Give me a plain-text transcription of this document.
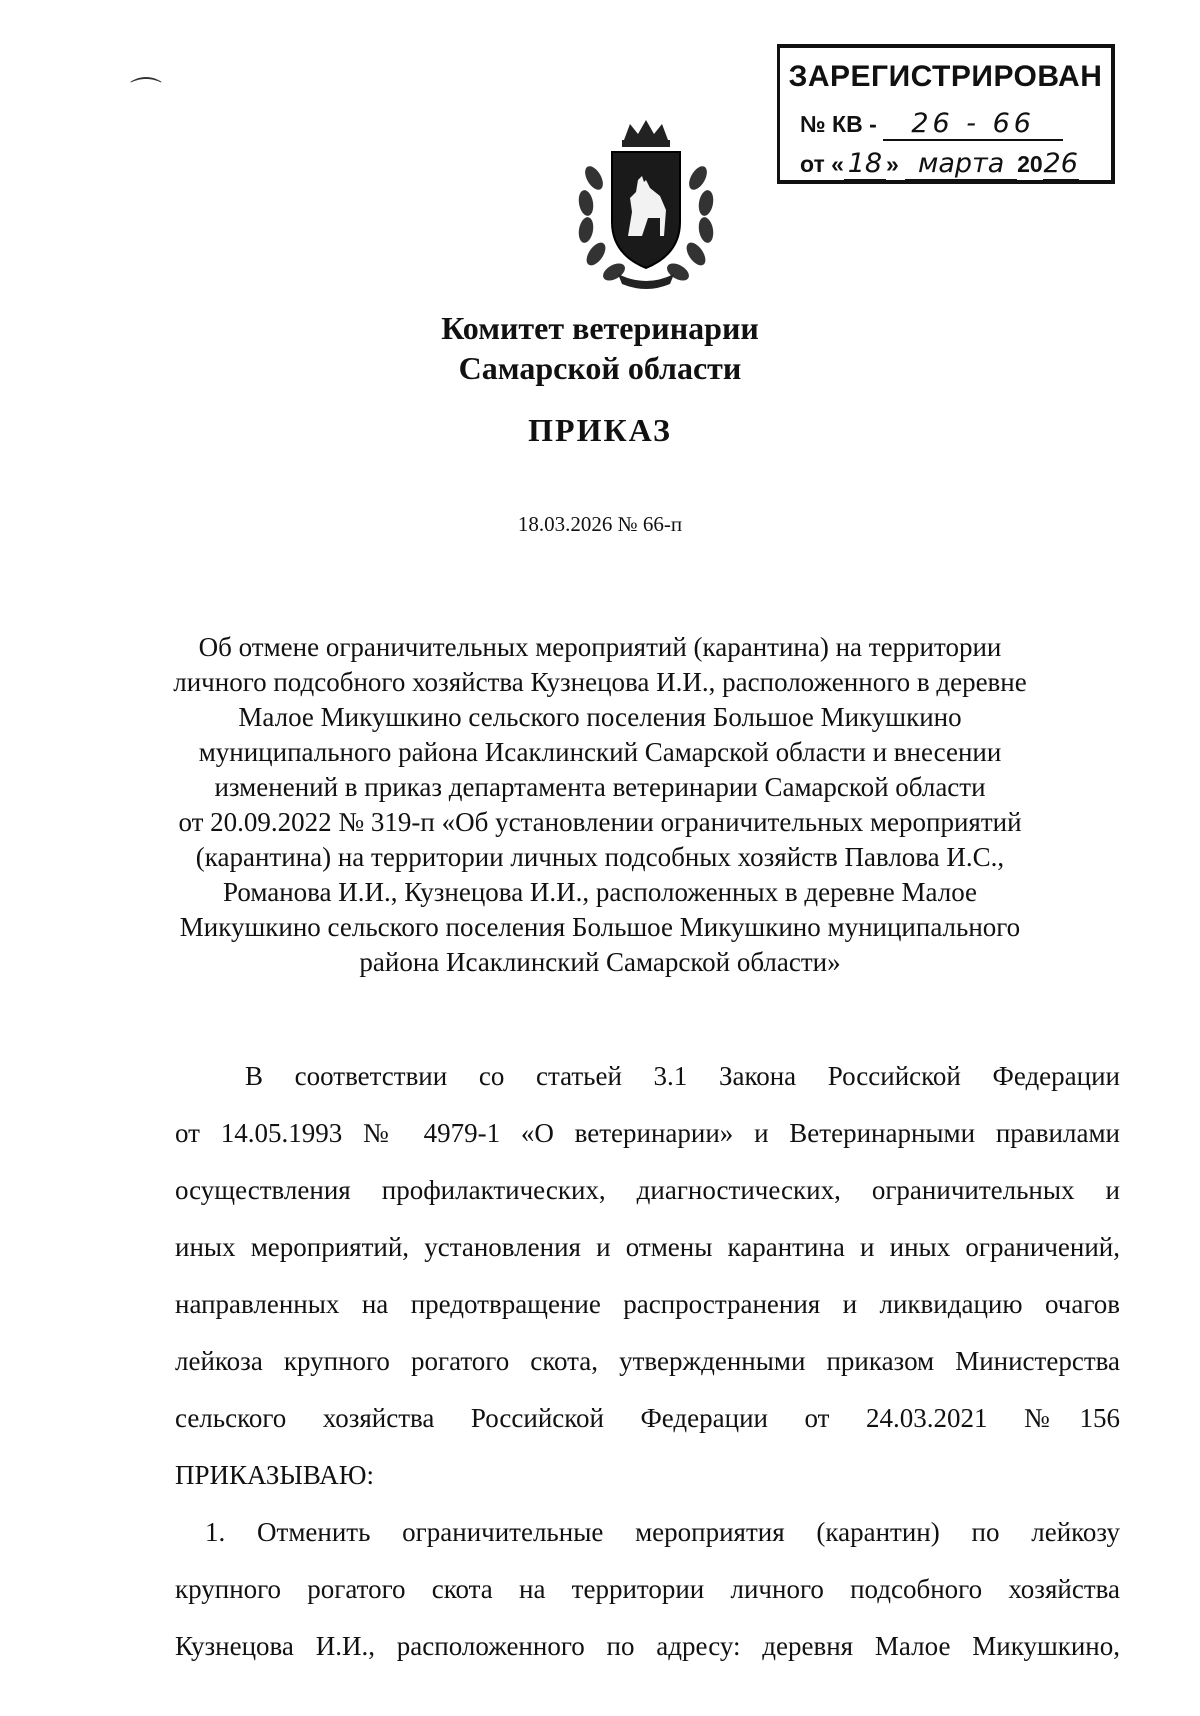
⌒	ЗАРЕГИСТРИРОВАН
№ КВ - 26 - 66
от « 18 » марта 2026
Комитет ветеринарии
Самарской области
ПРИКАЗ
18.03.2026 № 66-п
Об отмене ограничительных мероприятий (карантина) на территории
личного подсобного хозяйства Кузнецова И.И., расположенного в деревне
Малое Микушкино сельского поселения Большое Микушкино
муниципального района Исаклинский Самарской области и внесении
изменений в приказ департамента ветеринарии Самарской области
от 20.09.2022 № 319-п «Об установлении ограничительных мероприятий
(карантина) на территории личных подсобных хозяйств Павлова И.С.,
Романова И.И., Кузнецова И.И., расположенных в деревне Малое
Микушкино сельского поселения Большое Микушкино муниципального
района Исаклинский Самарской области»
В соответствии со статьей 3.1 Закона Российской Федерации
от 14.05.1993 № 4979-1 «О ветеринарии» и Ветеринарными правилами
осуществления профилактических, диагностических, ограничительных и
иных мероприятий, установления и отмены карантина и иных ограничений,
направленных на предотвращение распространения и ликвидацию очагов
лейкоза крупного рогатого скота, утвержденными приказом Министерства
сельского хозяйства Российской Федерации от 24.03.2021 №156
ПРИКАЗЫВАЮ:
1. Отменить ограничительные мероприятия (карантин) по лейкозу
крупного рогатого скота на территории личного подсобного хозяйства
Кузнецова И.И., расположенного по адресу: деревня Малое Микушкино,
